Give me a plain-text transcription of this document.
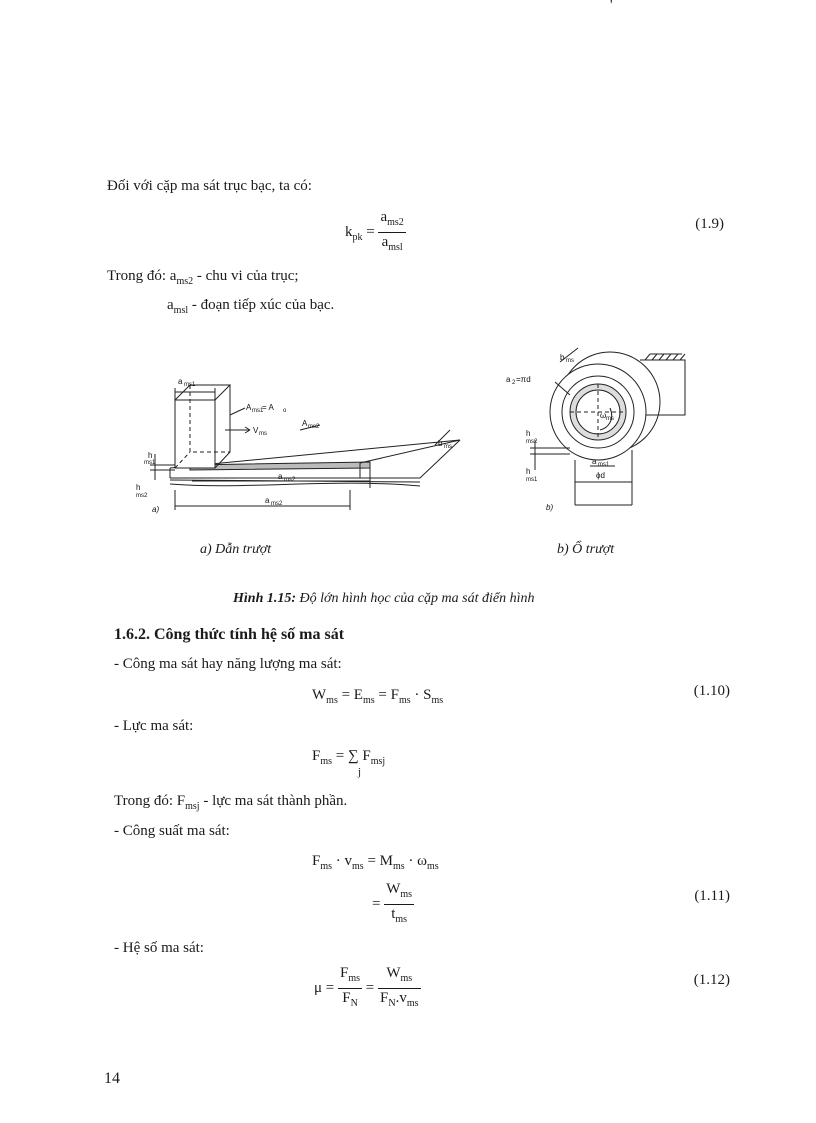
'
Đối với cặp ma sát trục bạc, ta có:
$k_{pk} = \frac{a_{ms2}}{a_{msl}}$	(1.9)
Trong đó: $a_{ms2}$ - chu vi của trục;
$a_{msl}$ - đoạn tiếp xúc của bạc.
a ms1
A ms1
= A o
A ms2
V ms
a ms2
a ms2
h
ms1
h
ms2
a)
b ms
a 2 =πd
ω ms
a ms1
ϕd
h
ms2
h
ms1
b)
b ms
a) Dẫn trượt	b) Ổ trượt
Hình 1.15: Độ lớn hình học của cặp ma sát điển hình
1.6.2. Công thức tính hệ số ma sát
- Công ma sát hay năng lượng ma sát:
$W_{ms} = E_{ms} = F_{ms} \cdot S_{ms}$
(1.10)
- Lực ma sát:
$F_{ms}$ = ∑ $F_{msj}$
j
Trong đó: $F_{msj}$ - lực ma sát thành phần.
- Công suất ma sát:
$F_{ms} \cdot v_{ms} = M_{ms} \cdot \omega_{ms}$
= $\frac{W_{ms}}{t_{ms}}$	(1.11)
- Hệ số ma sát:
$\mu = \frac{F_{ms}}{F_N} = \frac{W_{ms}}{F_N.v_{ms}}$	(1.12)
14
